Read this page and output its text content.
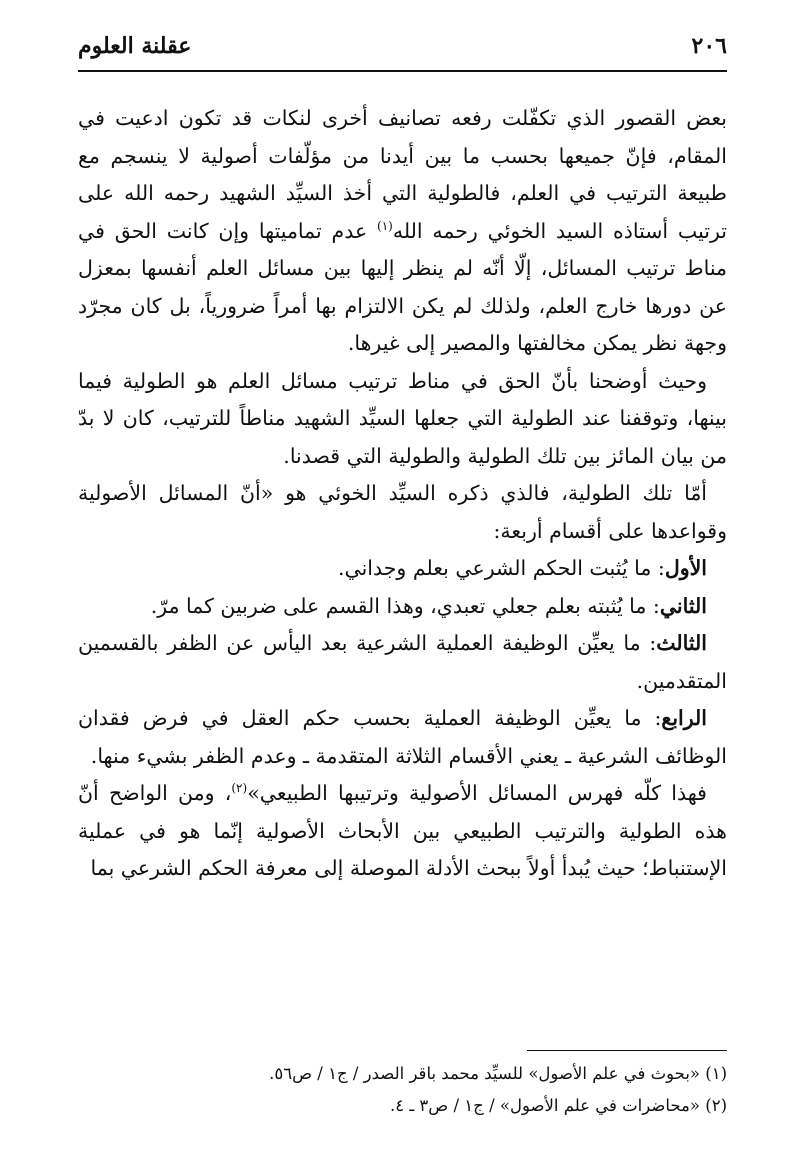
٢٠٦
عقلنة العلوم

بعض القصور الذي تكفّلت رفعه تصانيف أخرى لنكات قد تكون ادعيت في المقام، فإنّ جميعها بحسب ما بين أيدنا من مؤلّفات أصولية لا ينسجم مع طبيعة الترتيب في العلم، فالطولية التي أخذ السيِّد الشهيد رحمه الله على ترتيب أستاذه السيد الخوئي رحمه الله$^{(١)}$ عدم تماميتها وإن كانت الحق في مناط ترتيب المسائل، إلّا أنّه لم ينظر إليها بين مسائل العلم أنفسها بمعزل عن دورها خارج العلم، ولذلك لم يكن الالتزام بها أمراً ضرورياً، بل كان مجرّد وجهة نظر يمكن مخالفتها والمصير إلى غيرها.

وحيث أوضحنا بأنّ الحق في مناط ترتيب مسائل العلم هو الطولية فيما بينها، وتوقفنا عند الطولية التي جعلها السيِّد الشهيد مناطاً للترتيب، كان لا بدّ من بيان المائز بين تلك الطولية والطولية التي قصدنا.

أمّا تلك الطولية، فالذي ذكره السيِّد الخوئي هو «أنّ المسائل الأصولية وقواعدها على أقسام أربعة:

الأول: ما يُثبت الحكم الشرعي بعلم وجداني.

الثاني: ما يُثبته بعلم جعلي تعبدي، وهذا القسم على ضربين كما مرّ.

الثالث: ما يعيِّن الوظيفة العملية الشرعية بعد اليأس عن الظفر بالقسمين المتقدمين.

الرابع: ما يعيِّن الوظيفة العملية بحسب حكم العقل في فرض فقدان الوظائف الشرعية ـ يعني الأقسام الثلاثة المتقدمة ـ وعدم الظفر بشيء منها.

فهذا كلّه فهرس المسائل الأصولية وترتيبها الطبيعي»$^{(٢)}$، ومن الواضح أنّ هذه الطولية والترتيب الطبيعي بين الأبحاث الأصولية إنّما هو في عملية الإستنباط؛ حيث يُبدأ أولاً ببحث الأدلة الموصلة إلى معرفة الحكم الشرعي بما

(١) «بحوث في علم الأصول» للسيِّد محمد باقر الصدر / ج١ / ص٥٦.
(٢) «محاضرات في علم الأصول» / ج١ / ص٣ ـ ٤.
